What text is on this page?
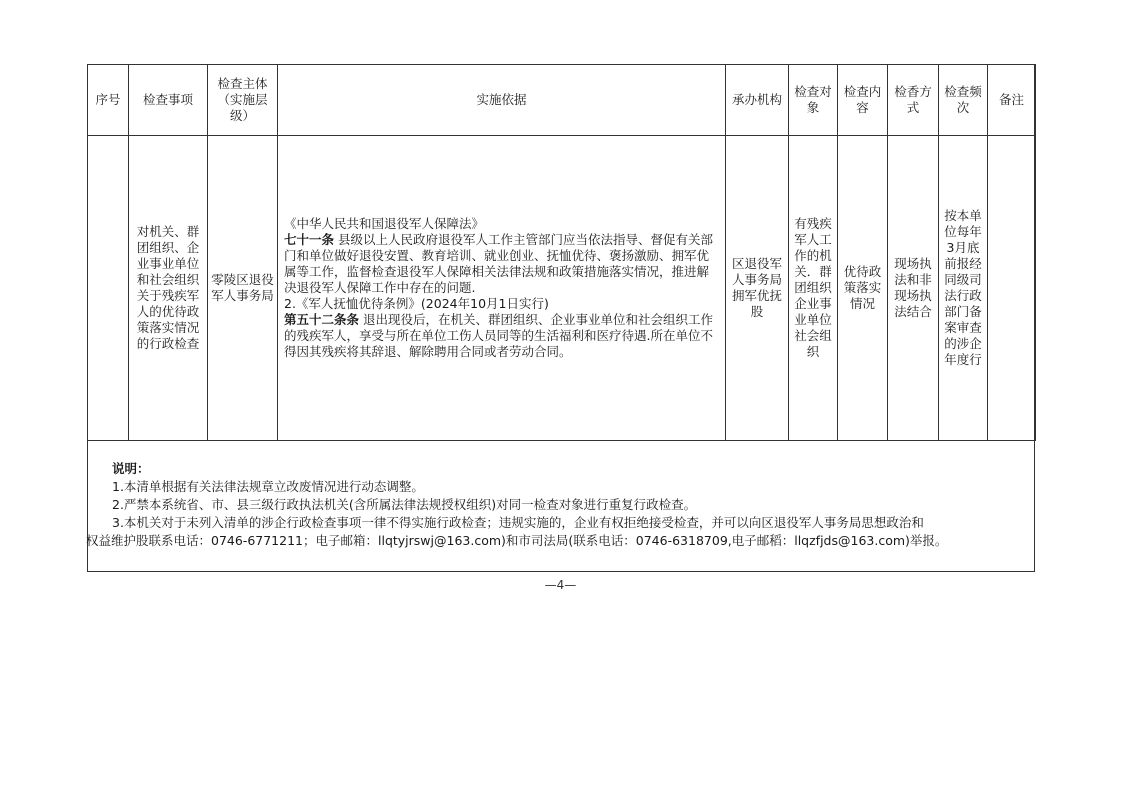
序号	检查事项	检查主体（实施层级）	实施依据	承办机构	检查对象	检查内容	检香方式	检查频次	备注
	对机关、群团组织、企业事业单位和社会组织关于残疾军人的优待政策落实情况的行政检查	零陵区退役军人事务局	《中华人民共和国退役军人保障法》
七十一条 县级以上人民政府退役军人工作主管部门应当依法指导、督促有关部门和单位做好退役安置、教育培训、就业创业、抚恤优待、褒扬激励、拥军优属等工作，监督检查退役军人保障相关法律法规和政策措施落实情况，推进解决退役军人保障工作中存在的问题.
2.《军人抚恤优待条例》(2024年10月1日实行)
第五十二条条 退出现役后，在机关、群团组织、企业事业单位和社会组织工作的残疾军人，享受与所在单位工伤人员同等的生活福利和医疗待遇.所在单位不得因其残疾将其辞退、解除聘用合同或者劳动合同。	区退役军人事务局拥军优抚股	有残疾军人工作的机关．群团组织企业事业单位社会组织	优待政策落实情况	现场执法和非现场执法结合	按本单位每年3月底前报经同级司法行政部门备案审查的涉企年度行	
说明：
1.本清单根据有关法律法规章立改废情况进行动态调整。
2.严禁本系统省、市、县三级行政执法机关(含所属法律法规授权组织)对同一检查对象进行重复行政检查。
3.本机关对于未列入清单的涉企行政检查事项一律不得实施行政检查；违规实施的，企业有权拒绝接受检查，并可以向区退役军人事务局思想政治和
权益维护股联系电话：0746-6771211；电子邮箱：llqtyjrswj@163.com)和市司法局(联系电话：0746-6318709,电子邮稻：llqzfjds@163.com)举报。
—4—
